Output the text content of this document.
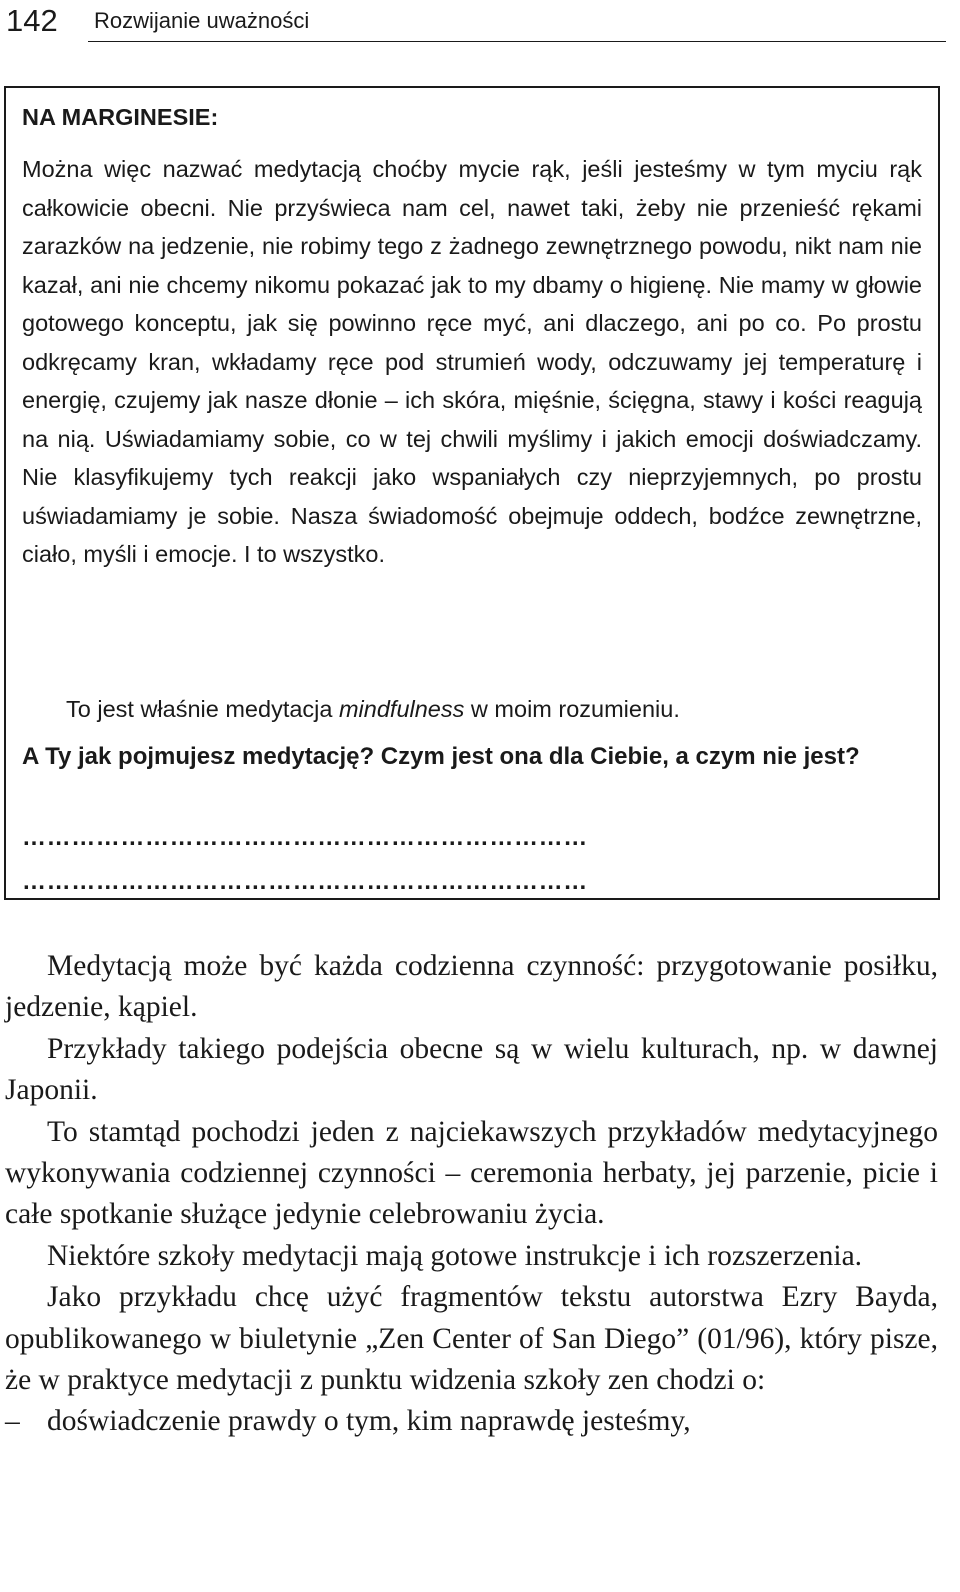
142 Rozwijanie uważności

NA MARGINESIE:

Można więc nazwać medytacją choćby mycie rąk, jeśli jesteśmy w tym myciu rąk całkowicie obecni. Nie przyświeca nam cel, nawet taki, żeby nie przenieść rękami zarazków na jedzenie, nie robimy tego z żadnego zewnętrznego powodu, nikt nam nie kazał, ani nie chcemy nikomu pokazać jak to my dbamy o higienę. Nie mamy w głowie gotowego konceptu, jak się powinno ręce myć, ani dlaczego, ani po co. Po prostu odkręcamy kran, wkładamy ręce pod strumień wody, odczuwamy jej temperaturę i energię, czujemy jak nasze dłonie – ich skóra, mięśnie, ścięgna, stawy i kości reagują na nią. Uświadamiamy sobie, co w tej chwili myślimy i jakich emocji doświadczamy. Nie klasyfikujemy tych reakcji jako wspaniałych czy nieprzyjemnych, po prostu uświadamiamy je sobie. Nasza świadomość obejmuje oddech, bodźce zewnętrzne, ciało, myśli i emocje. I to wszystko.

To jest właśnie medytacja mindfulness w moim rozumieniu.

A Ty jak pojmujesz medytację? Czym jest ona dla Ciebie, a czym nie jest?

……………………………………………………………
……………………………………………………………

Medytacją może być każda codzienna czynność: przygotowanie posiłku, jedzenie, kąpiel.

Przykłady takiego podejścia obecne są w wielu kulturach, np. w dawnej Japonii.

To stamtąd pochodzi jeden z najciekawszych przykładów medytacyjnego wykonywania codziennej czynności – ceremonia herbaty, jej parzenie, picie i całe spotkanie służące jedynie celebrowaniu życia.

Niektóre szkoły medytacji mają gotowe instrukcje i ich rozszerzenia.

Jako przykładu chcę użyć fragmentów tekstu autorstwa Ezry Bayda, opublikowanego w biuletynie „Zen Center of San Diego” (01/96), który pisze, że w praktyce medytacji z punktu widzenia szkoły zen chodzi o:

– doświadczenie prawdy o tym, kim naprawdę jesteśmy,
